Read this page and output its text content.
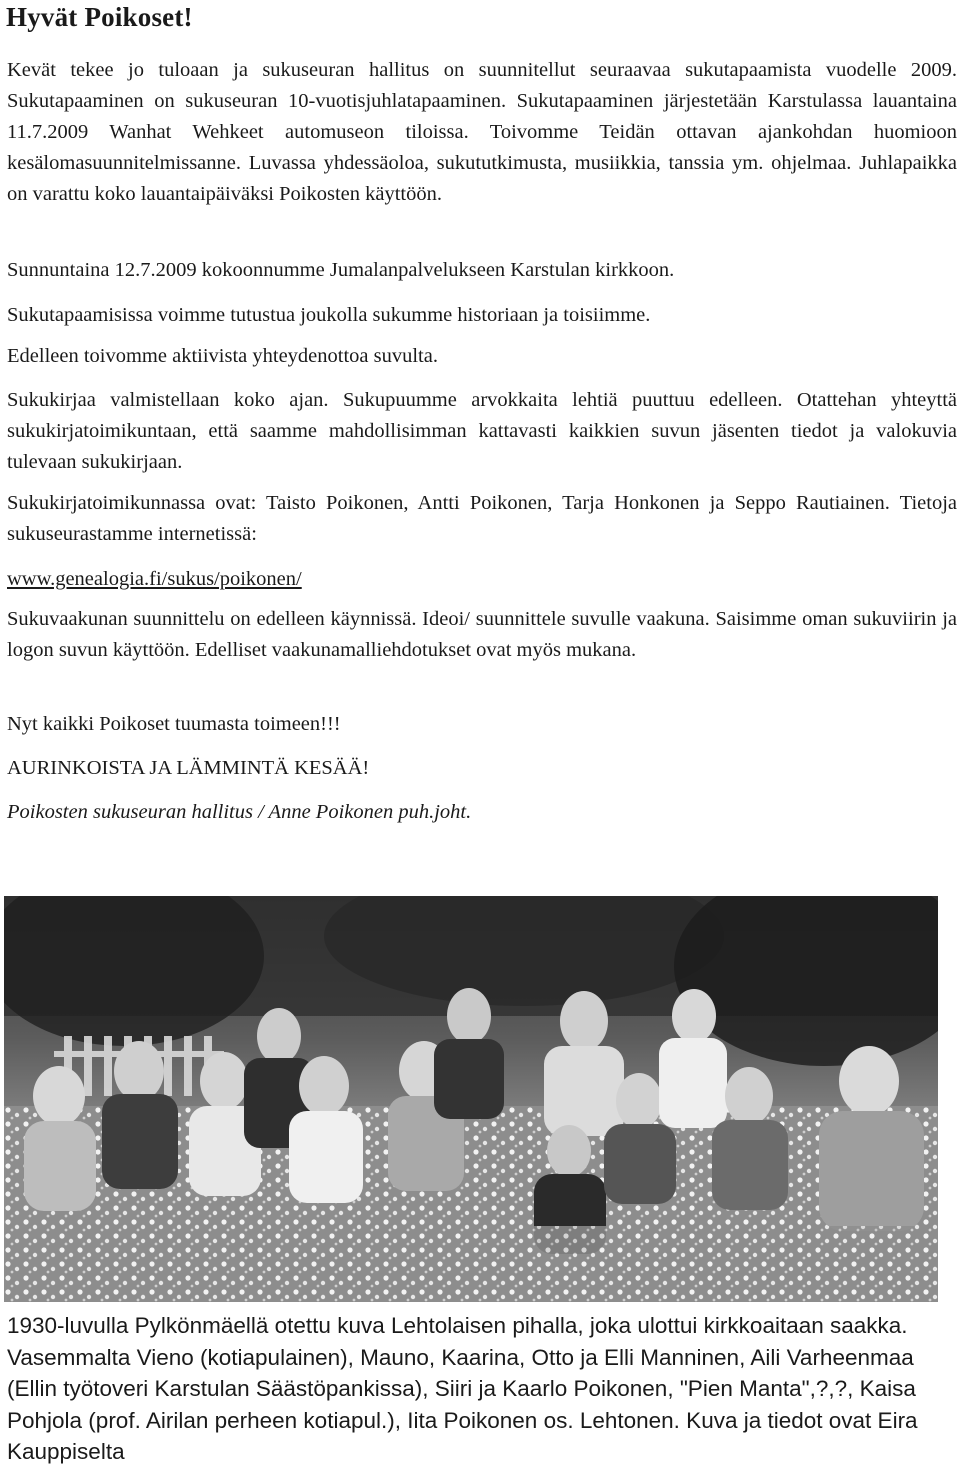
Hyvät Poikoset!

Kevät tekee jo tuloaan ja sukuseuran hallitus on suunnitellut seuraavaa sukutapaamista vuodelle 2009. Sukutapaaminen on sukuseuran 10-vuotisjuhlatapaaminen. Sukutapaaminen järjestetään Karstulassa lauantaina 11.7.2009 Wanhat Wehkeet automuseon tiloissa. Toivomme Teidän ottavan ajankohdan huomioon kesälomasuunnitelmissanne. Luvassa yhdessäoloa, sukututkimusta, musiikkia, tanssia ym. ohjelmaa. Juhlapaikka on varattu koko lauantaipäiväksi Poikosten käyttöön.

Sunnuntaina 12.7.2009 kokoonnumme Jumalanpalvelukseen Karstulan kirkkoon.

Sukutapaamisissa voimme tutustua joukolla sukumme historiaan ja toisiimme.

Edelleen toivomme aktiivista yhteydenottoa suvulta.

Sukukirjaa valmistellaan koko ajan. Sukupuumme arvokkaita lehtiä puuttuu edelleen. Otattehan yhteyttä sukukirjatoimikuntaan, että saamme mahdollisimman kattavasti kaikkien suvun jäsenten tiedot ja valokuvia tulevaan sukukirjaan.

Sukukirjatoimikunnassa ovat: Taisto Poikonen, Antti Poikonen, Tarja Honkonen ja Seppo Rautiainen. Tietoja sukuseurastamme internetissä:

www.genealogia.fi/sukus/poikonen/

Sukuvaakunan suunnittelu on edelleen käynnissä. Ideoi/ suunnittele suvulle vaakuna. Saisimme oman sukuviirin ja logon suvun käyttöön. Edelliset vaakunamalliehdotukset ovat myös mukana.

Nyt kaikki Poikoset tuumasta toimeen!!!

AURINKOISTA JA LÄMMINTÄ KESÄÄ!

Poikosten sukuseuran hallitus / Anne Poikonen puh.joht.

1930-luvulla Pylkönmäellä otettu kuva Lehtolaisen pihalla, joka ulottui kirkkoaitaan saakka. Vasemmalta Vieno (kotiapulainen), Mauno, Kaarina, Otto ja Elli Manninen, Aili Varheenmaa (Ellin työtoveri Karstulan Säästöpankissa), Siiri ja Kaarlo Poikonen, "Pien Manta",?,?, Kaisa Pohjola (prof. Airilan perheen kotiapul.), Iita Poikonen os. Lehtonen. Kuva ja tiedot ovat Eira Kauppiselta
